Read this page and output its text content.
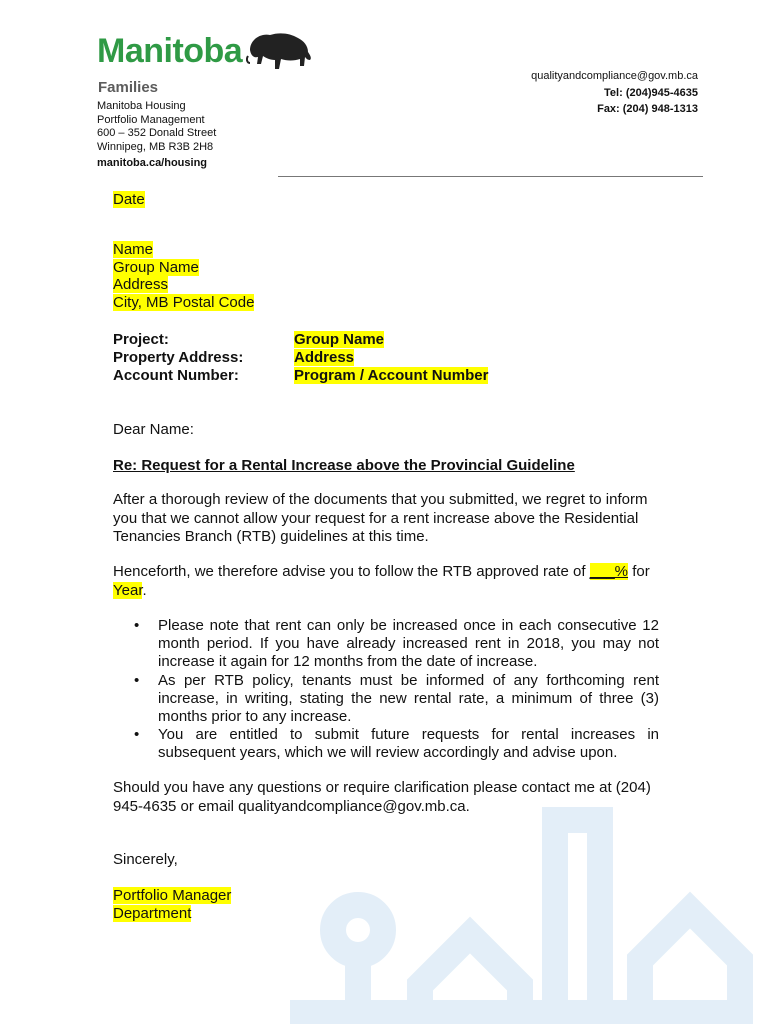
Manitoba
Families
Manitoba Housing
Portfolio Management
600 – 352 Donald Street
Winnipeg, MB R3B 2H8
manitoba.ca/housing
qualityandcompliance@gov.mb.ca
Tel: (204)945-4635
Fax: (204) 948-1313
Date
Name
Group Name
Address
City, MB Postal Code
Project:
Property Address:
Account Number:
Group Name
Address
Program / Account Number
Dear Name:
Re: Request for a Rental Increase above the Provincial Guideline
After a thorough review of the documents that you submitted, we regret to inform you that we cannot allow your request for a rent increase above the Residential Tenancies Branch (RTB) guidelines at this time.
Henceforth, we therefore advise you to follow the RTB approved rate of ___% for Year.
• Please note that rent can only be increased once in each consecutive 12 month period. If you have already increased rent in 2018, you may not increase it again for 12 months from the date of increase.
• As per RTB policy, tenants must be informed of any forthcoming rent increase, in writing, stating the new rental rate, a minimum of three (3) months prior to any increase.
• You are entitled to submit future requests for rental increases in subsequent years, which we will review accordingly and advise upon.
Should you have any questions or require clarification please contact me at (204) 945-4635 or email qualityandcompliance@gov.mb.ca.
Sincerely,
Portfolio Manager
Department
